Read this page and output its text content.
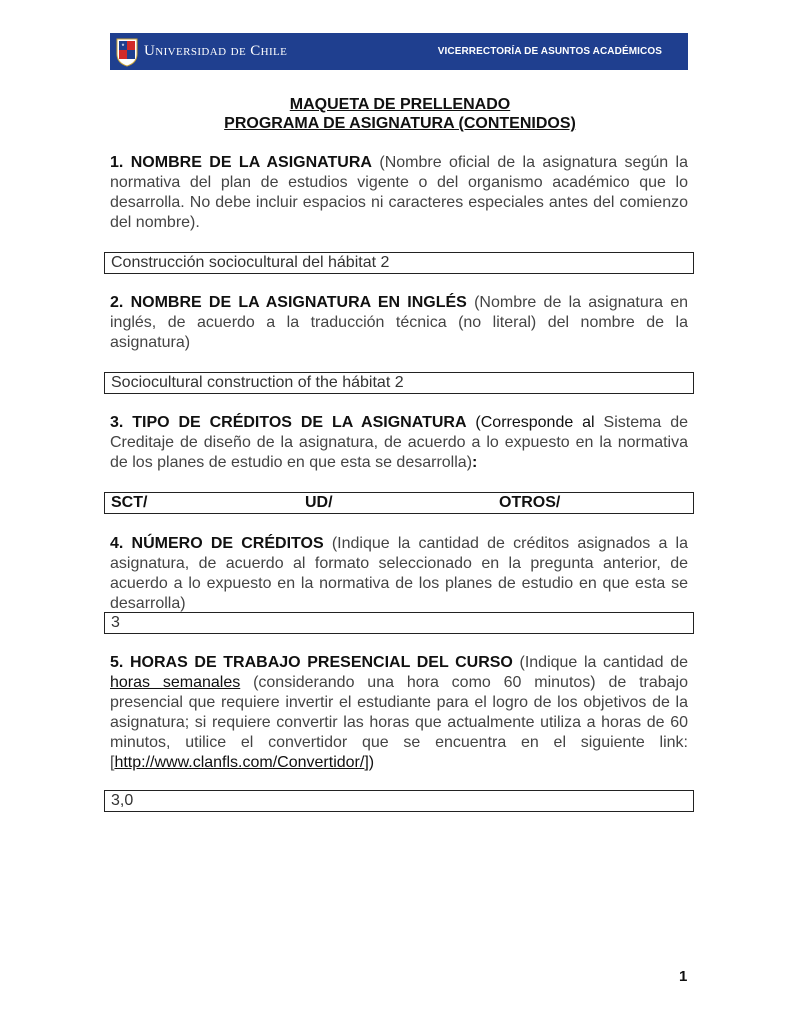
Universidad de Chile	VICERRECTORÍA DE ASUNTOS ACADÉMICOS
MAQUETA DE PRELLENADO
PROGRAMA DE ASIGNATURA (CONTENIDOS)
1. NOMBRE DE LA ASIGNATURA (Nombre oficial de la asignatura según la normativa del plan de estudios vigente o del organismo académico que lo desarrolla. No debe incluir espacios ni caracteres especiales antes del comienzo del nombre).
Construcción sociocultural del hábitat 2
2. NOMBRE DE LA ASIGNATURA EN INGLÉS (Nombre de la asignatura en inglés, de acuerdo a la traducción técnica (no literal) del nombre de la asignatura)
Sociocultural construction of the hábitat 2
3. TIPO DE CRÉDITOS DE LA ASIGNATURA (Corresponde al Sistema de Creditaje de diseño de la asignatura, de acuerdo a lo expuesto en la normativa de los planes de estudio en que esta se desarrolla):
SCT/	UD/	OTROS/
4. NÚMERO DE CRÉDITOS (Indique la cantidad de créditos asignados a la asignatura, de acuerdo al formato seleccionado en la pregunta anterior, de acuerdo a lo expuesto en la normativa de los planes de estudio en que esta se desarrolla)
3
5. HORAS DE TRABAJO PRESENCIAL DEL CURSO (Indique la cantidad de horas semanales (considerando una hora como 60 minutos) de trabajo presencial que requiere invertir el estudiante para el logro de los objetivos de la asignatura; si requiere convertir las horas que actualmente utiliza a horas de 60 minutos, utilice el convertidor que se encuentra en el siguiente link: [http://www.clanfls.com/Convertidor/])
3,0
1
